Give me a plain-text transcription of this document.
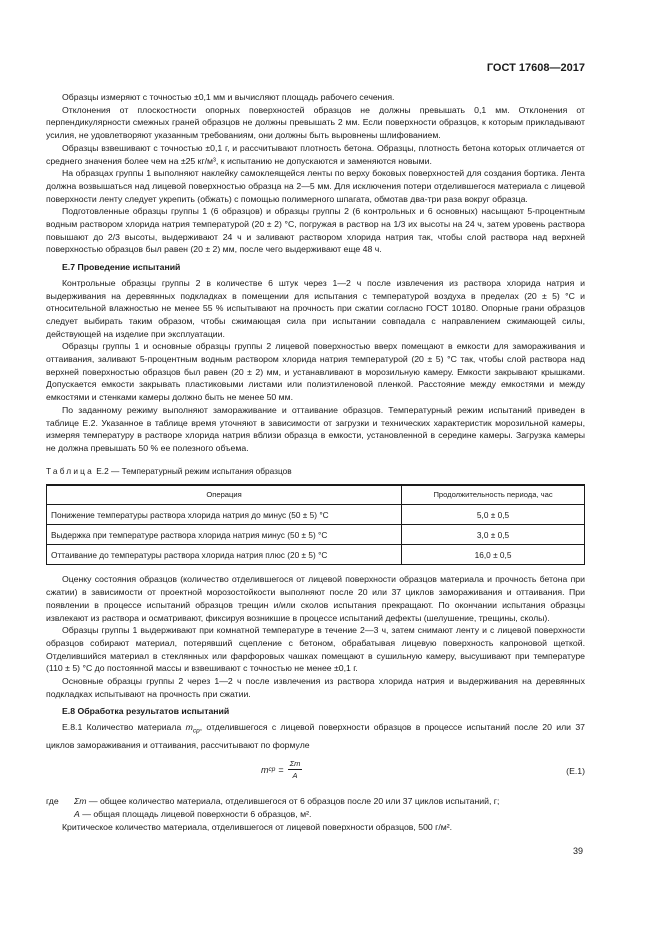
ГОСТ 17608—2017

Образцы измеряют с точностью ±0,1 мм и вычисляют площадь рабочего сечения.

Отклонения от плоскостности опорных поверхностей образцов не должны превышать 0,1 мм. Отклонения от перпендикулярности смежных граней образцов не должны превышать 2 мм. Если поверхности образцов, к которым прикладывают усилия, не удовлетворяют указанным требованиям, они должны быть выровнены шлифованием.

Образцы взвешивают с точностью ±0,1 г, и рассчитывают плотность бетона. Образцы, плотность бетона которых отличается от среднего значения более чем на ±25 кг/м³, к испытанию не допускаются и заменяются новыми.

На образцах группы 1 выполняют наклейку самоклеящейся ленты по верху боковых поверхностей для создания бортика. Лента должна возвышаться над лицевой поверхностью образца на 2—5 мм. Для исключения потери отделившегося материала с лицевой поверхности ленту следует укрепить (обжать) с помощью полимерного шпагата, обмотав два-три раза вокруг образца.

Подготовленные образцы группы 1 (6 образцов) и образцы группы 2 (6 контрольных и 6 основных) насыщают 5-процентным водным раствором хлорида натрия температурой (20 ± 2) °С, погружая в раствор на 1/3 их высоты на 24 ч, затем уровень раствора повышают до 2/3 высоты, выдерживают 24 ч и заливают раствором хлорида натрия так, чтобы слой раствора над верхней поверхностью образцов был равен (20 ± 2) мм, после чего выдерживают еще 48 ч.

Е.7 Проведение испытаний

Контрольные образцы группы 2 в количестве 6 штук через 1—2 ч после извлечения из раствора хлорида натрия и выдерживания на деревянных подкладках в помещении для испытания с температурой воздуха в пределах (20 ± 5) °С и относительной влажностью не менее 55 % испытывают на прочность при сжатии согласно ГОСТ 10180. Опорные грани образцов следует выбирать таким образом, чтобы сжимающая сила при испытании совпадала с направлением сжимающей силы, действующей на изделие при эксплуатации.

Образцы группы 1 и основные образцы группы 2 лицевой поверхностью вверх помещают в емкости для замораживания и оттаивания, заливают 5-процентным водным раствором хлорида натрия температурой (20 ± 5) °С так, чтобы слой раствора над верхней поверхностью образцов был равен (20 ± 2) мм, и устанавливают в морозильную камеру. Емкости закрывают крышками. Допускается емкости закрывать пластиковыми листами или полиэтиленовой пленкой. Расстояние между емкостями и между емкостями и стенками камеры должно быть не менее 50 мм.

По заданному режиму выполняют замораживание и оттаивание образцов. Температурный режим испытаний приведен в таблице Е.2. Указанное в таблице время уточняют в зависимости от загрузки и технических характеристик морозильной камеры, измеряя температуру в растворе хлорида натрия вблизи образца в емкости, установленной в середине камеры. Загрузка камеры не должна превышать 50 % ее полезного объема.

Таблица Е.2 — Температурный режим испытания образцов

Операция	Продолжительность периода, час
Понижение температуры раствора хлорида натрия до минус (50 ± 5) °С	5,0 ± 0,5
Выдержка при температуре раствора хлорида натрия минус (50 ± 5) °С	3,0 ± 0,5
Оттаивание до температуры раствора хлорида натрия плюс (20 ± 5) °С	16,0 ± 0,5

Оценку состояния образцов (количество отделившегося от лицевой поверхности образцов материала и прочность бетона при сжатии) в зависимости от проектной морозостойкости выполняют после 20 или 37 циклов замораживания и оттаивания. При появлении в процессе испытаний образцов трещин и/или сколов испытания прекращают. По окончании испытания образцы извлекают из раствора и осматривают, фиксируя возникшие в процессе испытаний дефекты (шелушение, трещины, сколы).

Образцы группы 1 выдерживают при комнатной температуре в течение 2—3 ч, затем снимают ленту и с лицевой поверхности образцов собирают материал, потерявший сцепление с бетоном, обрабатывая лицевую поверхность капроновой щеткой. Отделившийся материал в стеклянных или фарфоровых чашках помещают в сушильную камеру, высушивают при температуре (110 ± 5) °С до постоянной массы и взвешивают с точностью не менее ±0,1 г.

Основные образцы группы 2 через 1—2 ч после извлечения из раствора хлорида натрия и выдерживания на деревянных подкладках испытывают на прочность при сжатии.

Е.8 Обработка результатов испытаний

Е.8.1 Количество материала $m_{ср}$, отделившегося с лицевой поверхности образцов в процессе испытаний после 20 или 37 циклов замораживания и оттаивания, рассчитывают по формуле

m ср = $\frac{\Sigma m}{A}$	(Е.1)

где Σm — общее количество материала, отделившегося от 6 образцов после 20 или 37 циклов испытаний, г;

A — общая площадь лицевой поверхности 6 образцов, м².

Критическое количество материала, отделившегося от лицевой поверхности образцов, 500 г/м².

39
